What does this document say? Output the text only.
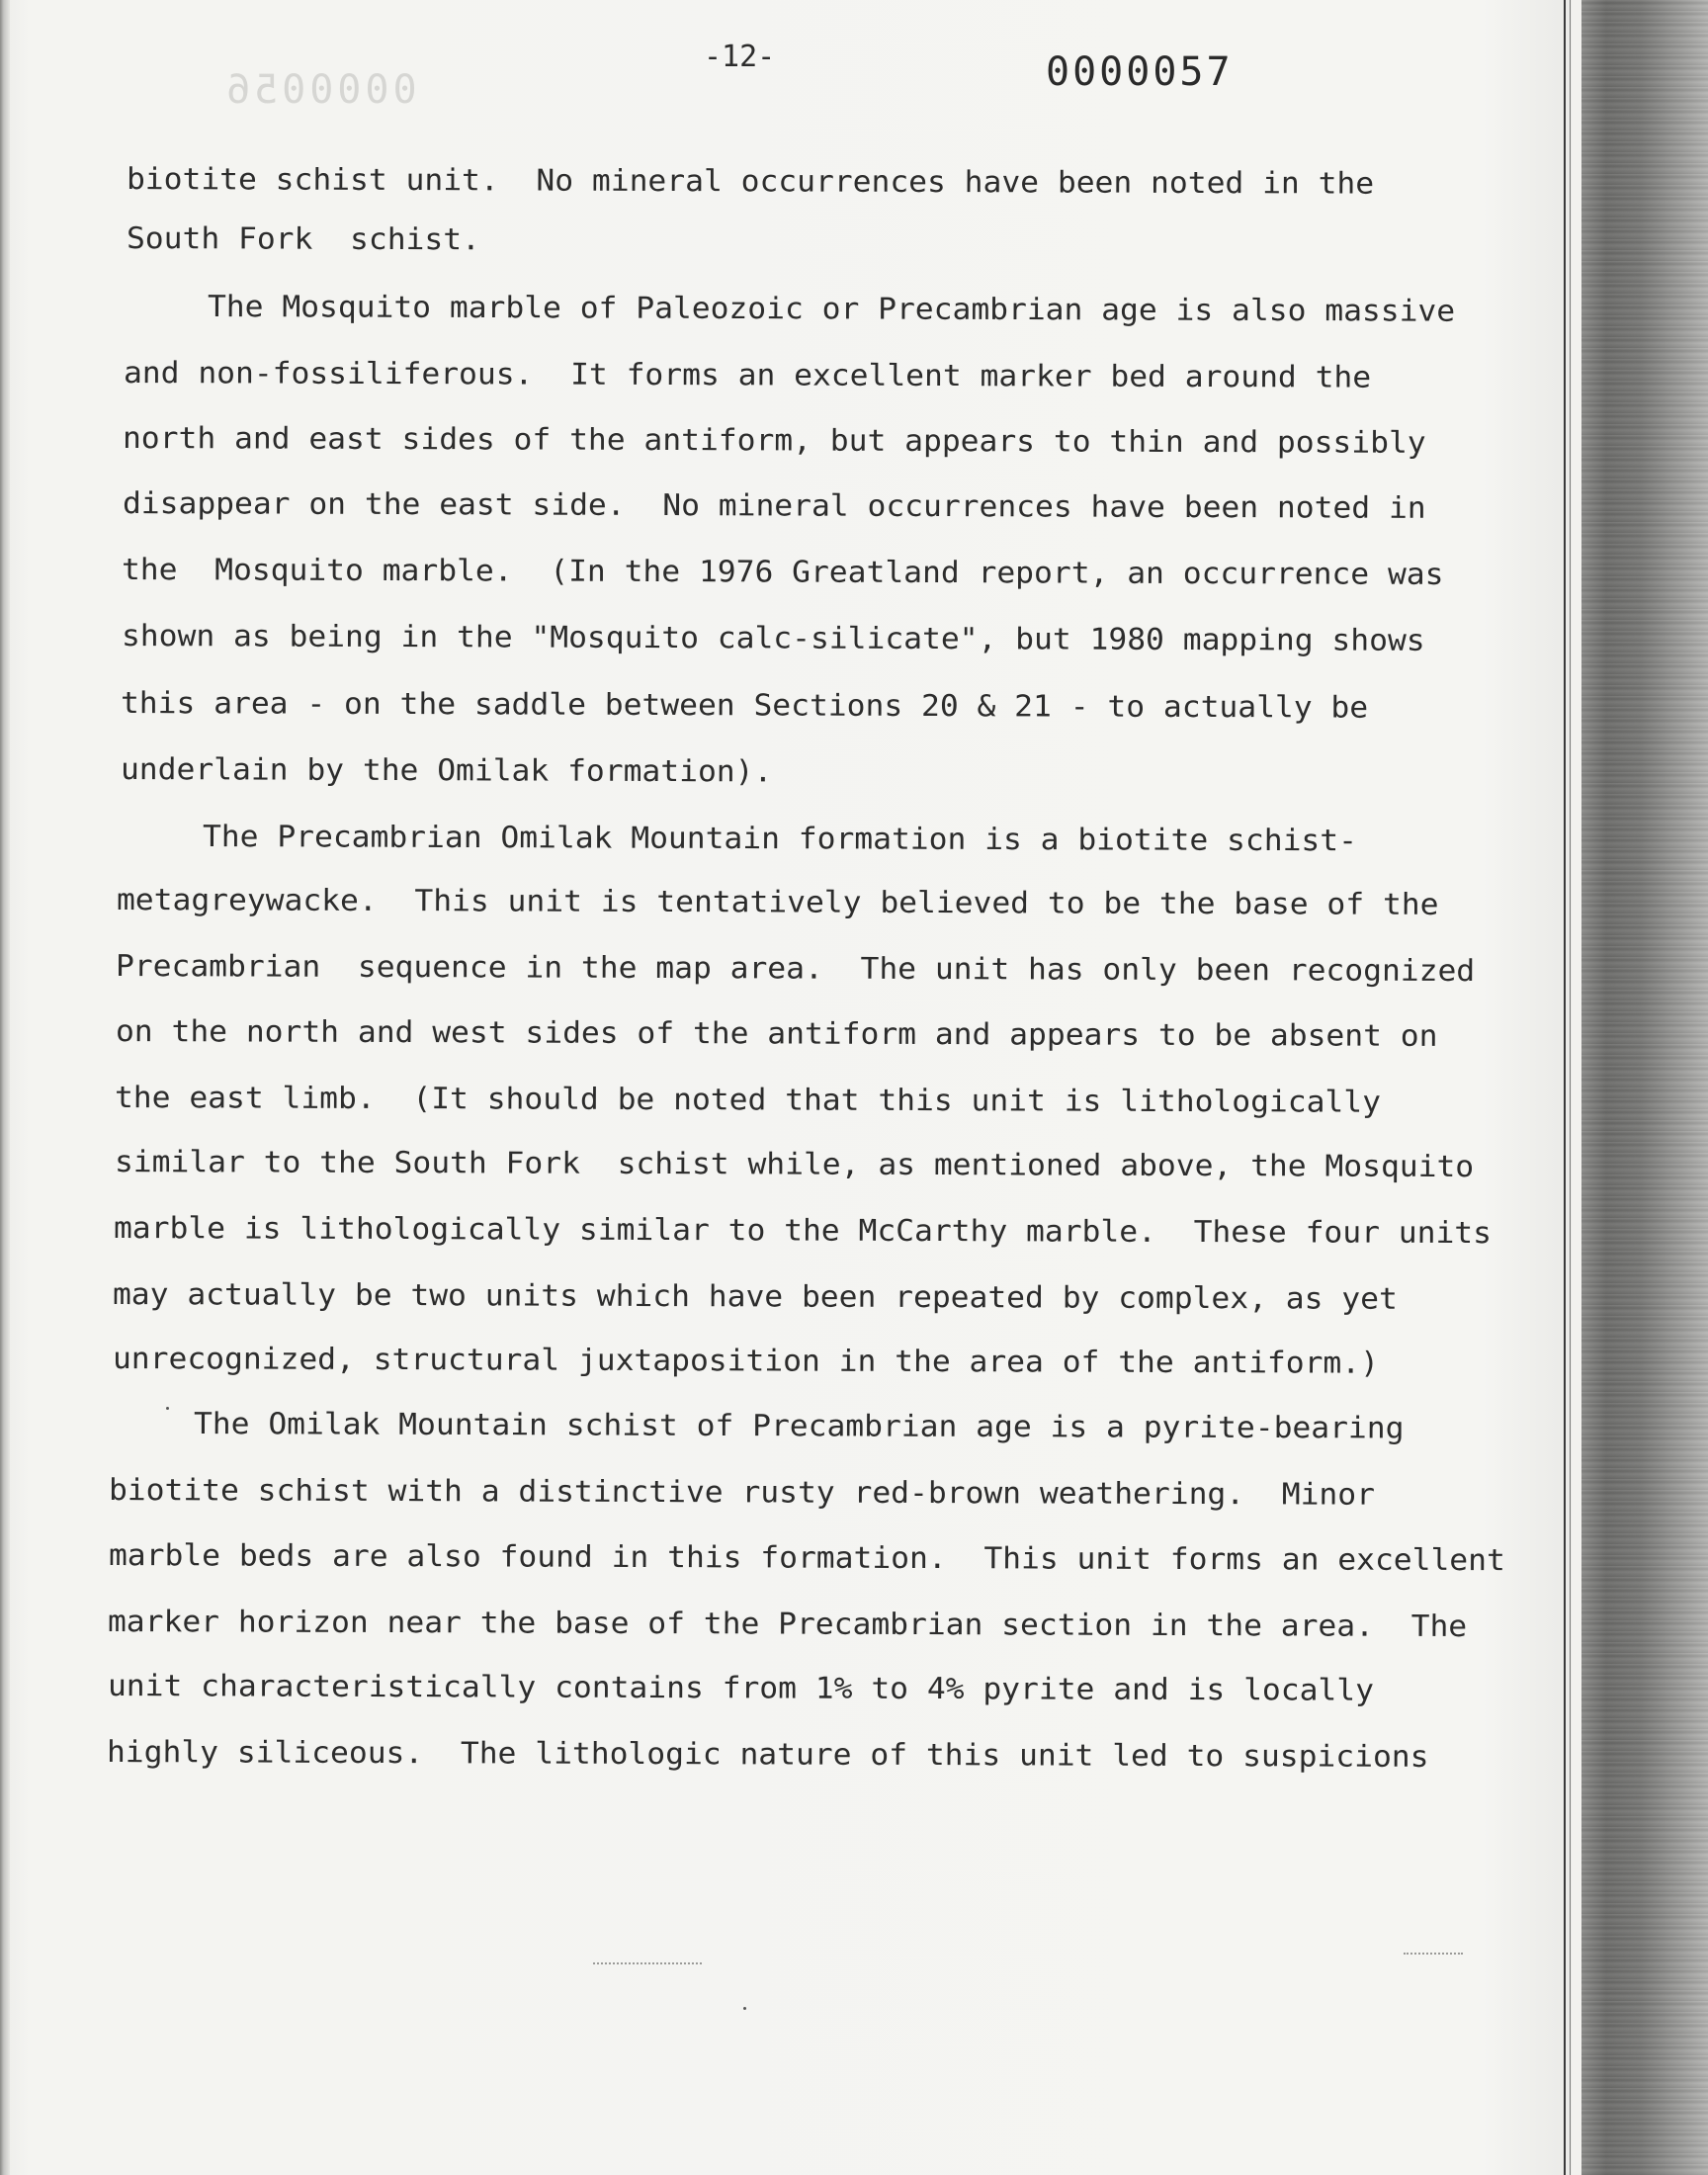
0000056
-12-	0000057
biotite schist unit.  No mineral occurrences have been noted in the
South Fork  schist.
The Mosquito marble of Paleozoic or Precambrian age is also massive
and non-fossiliferous.  It forms an excellent marker bed around the
north and east sides of the antiform, but appears to thin and possibly
disappear on the east side.  No mineral occurrences have been noted in
the  Mosquito marble.  (In the 1976 Greatland report, an occurrence was
shown as being in the "Mosquito calc-silicate", but 1980 mapping shows
this area - on the saddle between Sections 20 & 21 - to actually be
underlain by the Omilak formation).
The Precambrian Omilak Mountain formation is a biotite schist-
metagreywacke.  This unit is tentatively believed to be the base of the
Precambrian  sequence in the map area.  The unit has only been recognized
on the north and west sides of the antiform and appears to be absent on
the east limb.  (It should be noted that this unit is lithologically
similar to the South Fork  schist while, as mentioned above, the Mosquito
marble is lithologically similar to the McCarthy marble.  These four units
may actually be two units which have been repeated by complex, as yet
unrecognized, structural juxtaposition in the area of the antiform.)
The Omilak Mountain schist of Precambrian age is a pyrite-bearing
biotite schist with a distinctive rusty red-brown weathering.  Minor
marble beds are also found in this formation.  This unit forms an excellent
marker horizon near the base of the Precambrian section in the area.  The
unit characteristically contains from 1% to 4% pyrite and is locally
highly siliceous.  The lithologic nature of this unit led to suspicions
